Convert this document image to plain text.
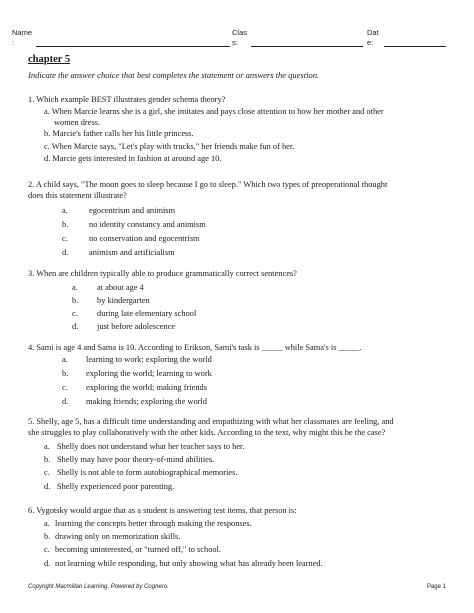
Name
:
Clas
s:
Dat
e:
chapter 5
Indicate the answer choice that best completes the statement or answers the question.
1. Which example BEST illustrates gender schema theory?
a. When Marcie learns she is a girl, she imitates and pays close attention to how her mother and other
women dress.
b. Marcie's father calls her his little princess.
c. When Marcie says, "Let's play with trucks," her friends make fun of her.
d. Marcie gets interested in fashion at around age 10.
2. A child says, "The moon goes to sleep because I go to sleep." Which two types of preoperational thought
does this statement illustrate?
a.	egocentrism and animism
b. no identity constancy and animism
c.	no conservation and egocentrism
d. animism and artificialism
3. When are children typically able to produce grammatically correct sentences?
a. at about age 4
b. by kindergarten
c. during late elementary school
d. just before adolescence
4. Sami is age 4 and Sama is 10. According to Erikson, Sami's task is _____ while Sama's is _____.
a. learning to work; exploring the world
b. exploring the world; learning to work
c. exploring the world; making friends
d. making friends; exploring the world
5. Shelly, age 5, has a difficult time understanding and empathizing with what her classmates are feeling, and
she struggles to play collaboratively with the other kids. According to the text, why might this be the case?
a. Shelly does not understand what her teacher says to her.
b. Shelly may have poor theory-of-mind abilities.
c. Shelly is not able to form autobiographical memories.
d. Shelly experienced poor parenting.
6. Vygotsky would argue that as a student is answering test items, that person is:
a. learning the concepts better through making the responses.
b. drawing only on memorization skills.
c. becoming uninterested, or "turned off," to school.
d. not learning while responding, but only showing what has already been learned.
Copyright Macmillan Learning. Powered by Cognero.	Page 1
